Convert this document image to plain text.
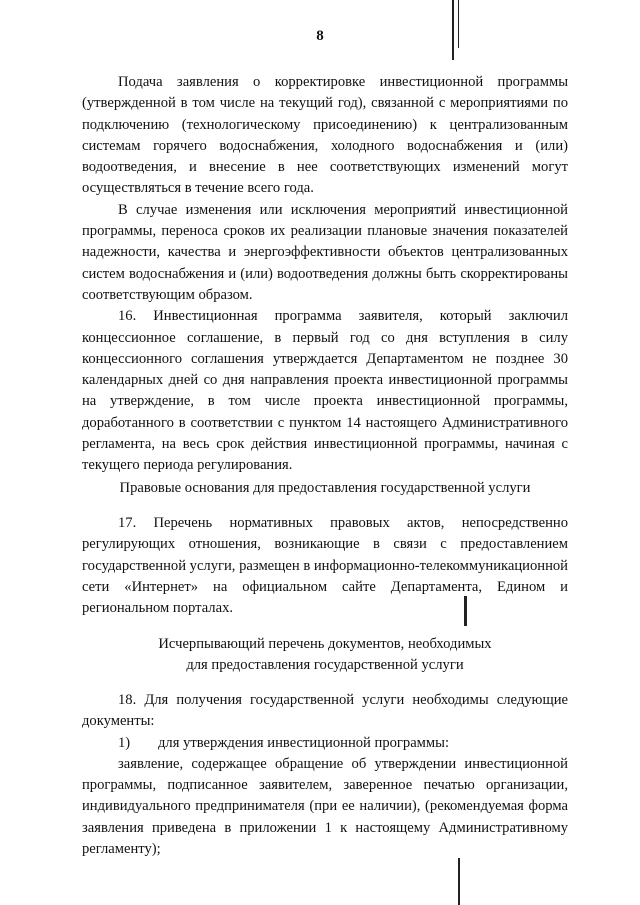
8

Подача заявления о корректировке инвестиционной программы (утвержденной в том числе на текущий год), связанной с мероприятиями по подключению (технологическому присоединению) к централизованным системам горячего водоснабжения, холодного водоснабжения и (или) водоотведения, и внесение в нее соответствующих изменений могут осуществляться в течение всего года.

В случае изменения или исключения мероприятий инвестиционной программы, переноса сроков их реализации плановые значения показателей надежности, качества и энергоэффективности объектов централизованных систем водоснабжения и (или) водоотведения должны быть скорректированы соответствующим образом.

16. Инвестиционная программа заявителя, который заключил концессионное соглашение, в первый год со дня вступления в силу концессионного соглашения утверждается Департаментом не позднее 30 календарных дней со дня направления проекта инвестиционной программы на утверждение, в том числе проекта инвестиционной программы, доработанного в соответствии с пунктом 14 настоящего Административного регламента, на весь срок действия инвестиционной программы, начиная с текущего периода регулирования.

Правовые основания для предоставления государственной услуги

17. Перечень нормативных правовых актов, непосредственно регулирующих отношения, возникающие в связи с предоставлением государственной услуги, размещен в информационно-телекоммуникационной сети «Интернет» на официальном сайте Департамента, Едином и региональном порталах.

Исчерпывающий перечень документов, необходимых
для предоставления государственной услуги

18. Для получения государственной услуги необходимы следующие документы:

1) для утверждения инвестиционной программы:

заявление, содержащее обращение об утверждении инвестиционной программы, подписанное заявителем, заверенное печатью организации, индивидуального предпринимателя (при ее наличии), (рекомендуемая форма заявления приведена в приложении 1 к настоящему Административному регламенту);
